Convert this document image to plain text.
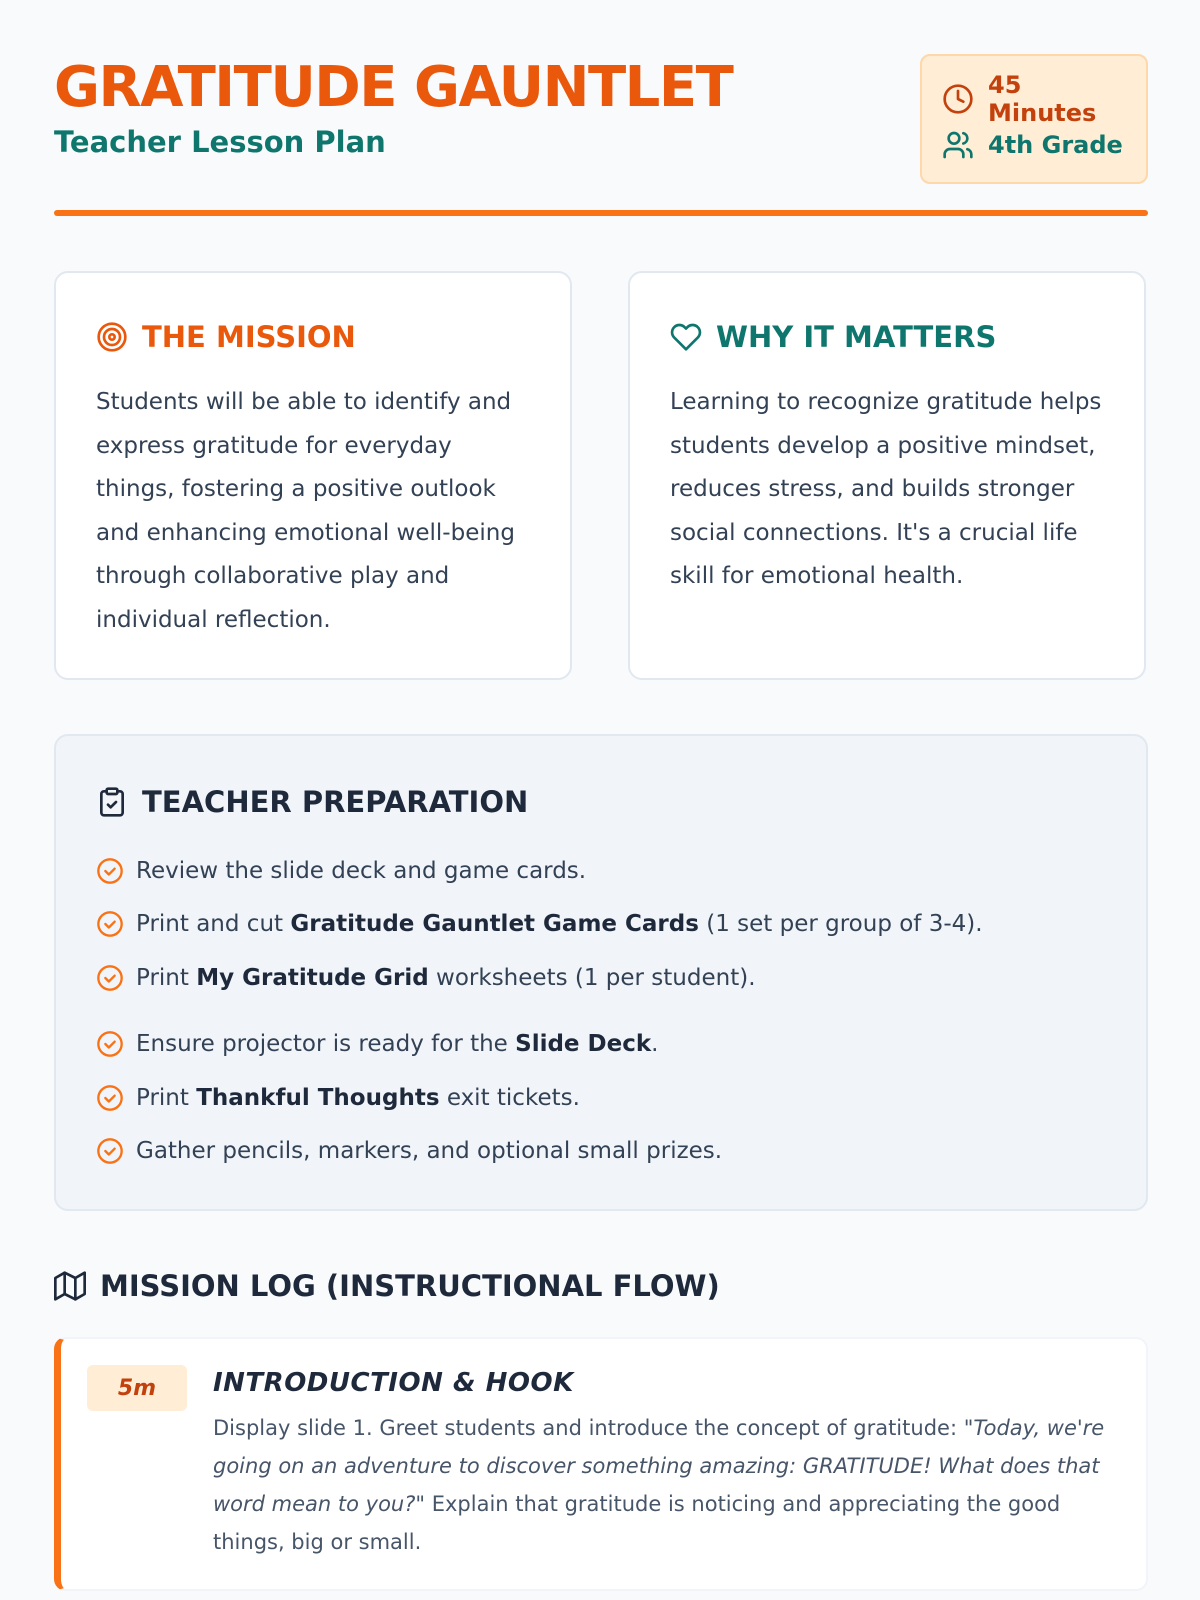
GRATITUDE GAUNTLET
Teacher Lesson Plan
45 Minutes
4th Grade
THE MISSION

Students will be able to identify and express gratitude for everyday things, fostering a positive outlook and enhancing emotional well-being through collaborative play and individual reflection.

WHY IT MATTERS

Learning to recognize gratitude helps students develop a positive mindset, reduces stress, and builds stronger social connections. It's a crucial life skill for emotional health.

TEACHER PREPARATION
Review the slide deck and game cards.
Print and cut Gratitude Gauntlet Game Cards (1 set per group of 3-4).
Print My Gratitude Grid worksheets (1 per student).
Ensure projector is ready for the Slide Deck.
Print Thankful Thoughts exit tickets.
Gather pencils, markers, and optional small prizes.
MISSION LOG (INSTRUCTIONAL FLOW)
5m	INTRODUCTION & HOOK

Display slide 1. Greet students and introduce the concept of gratitude: "Today, we're going on an adventure to discover something amazing: GRATITUDE! What does that word mean to you?" Explain that gratitude is noticing and appreciating the good things, big or small.
